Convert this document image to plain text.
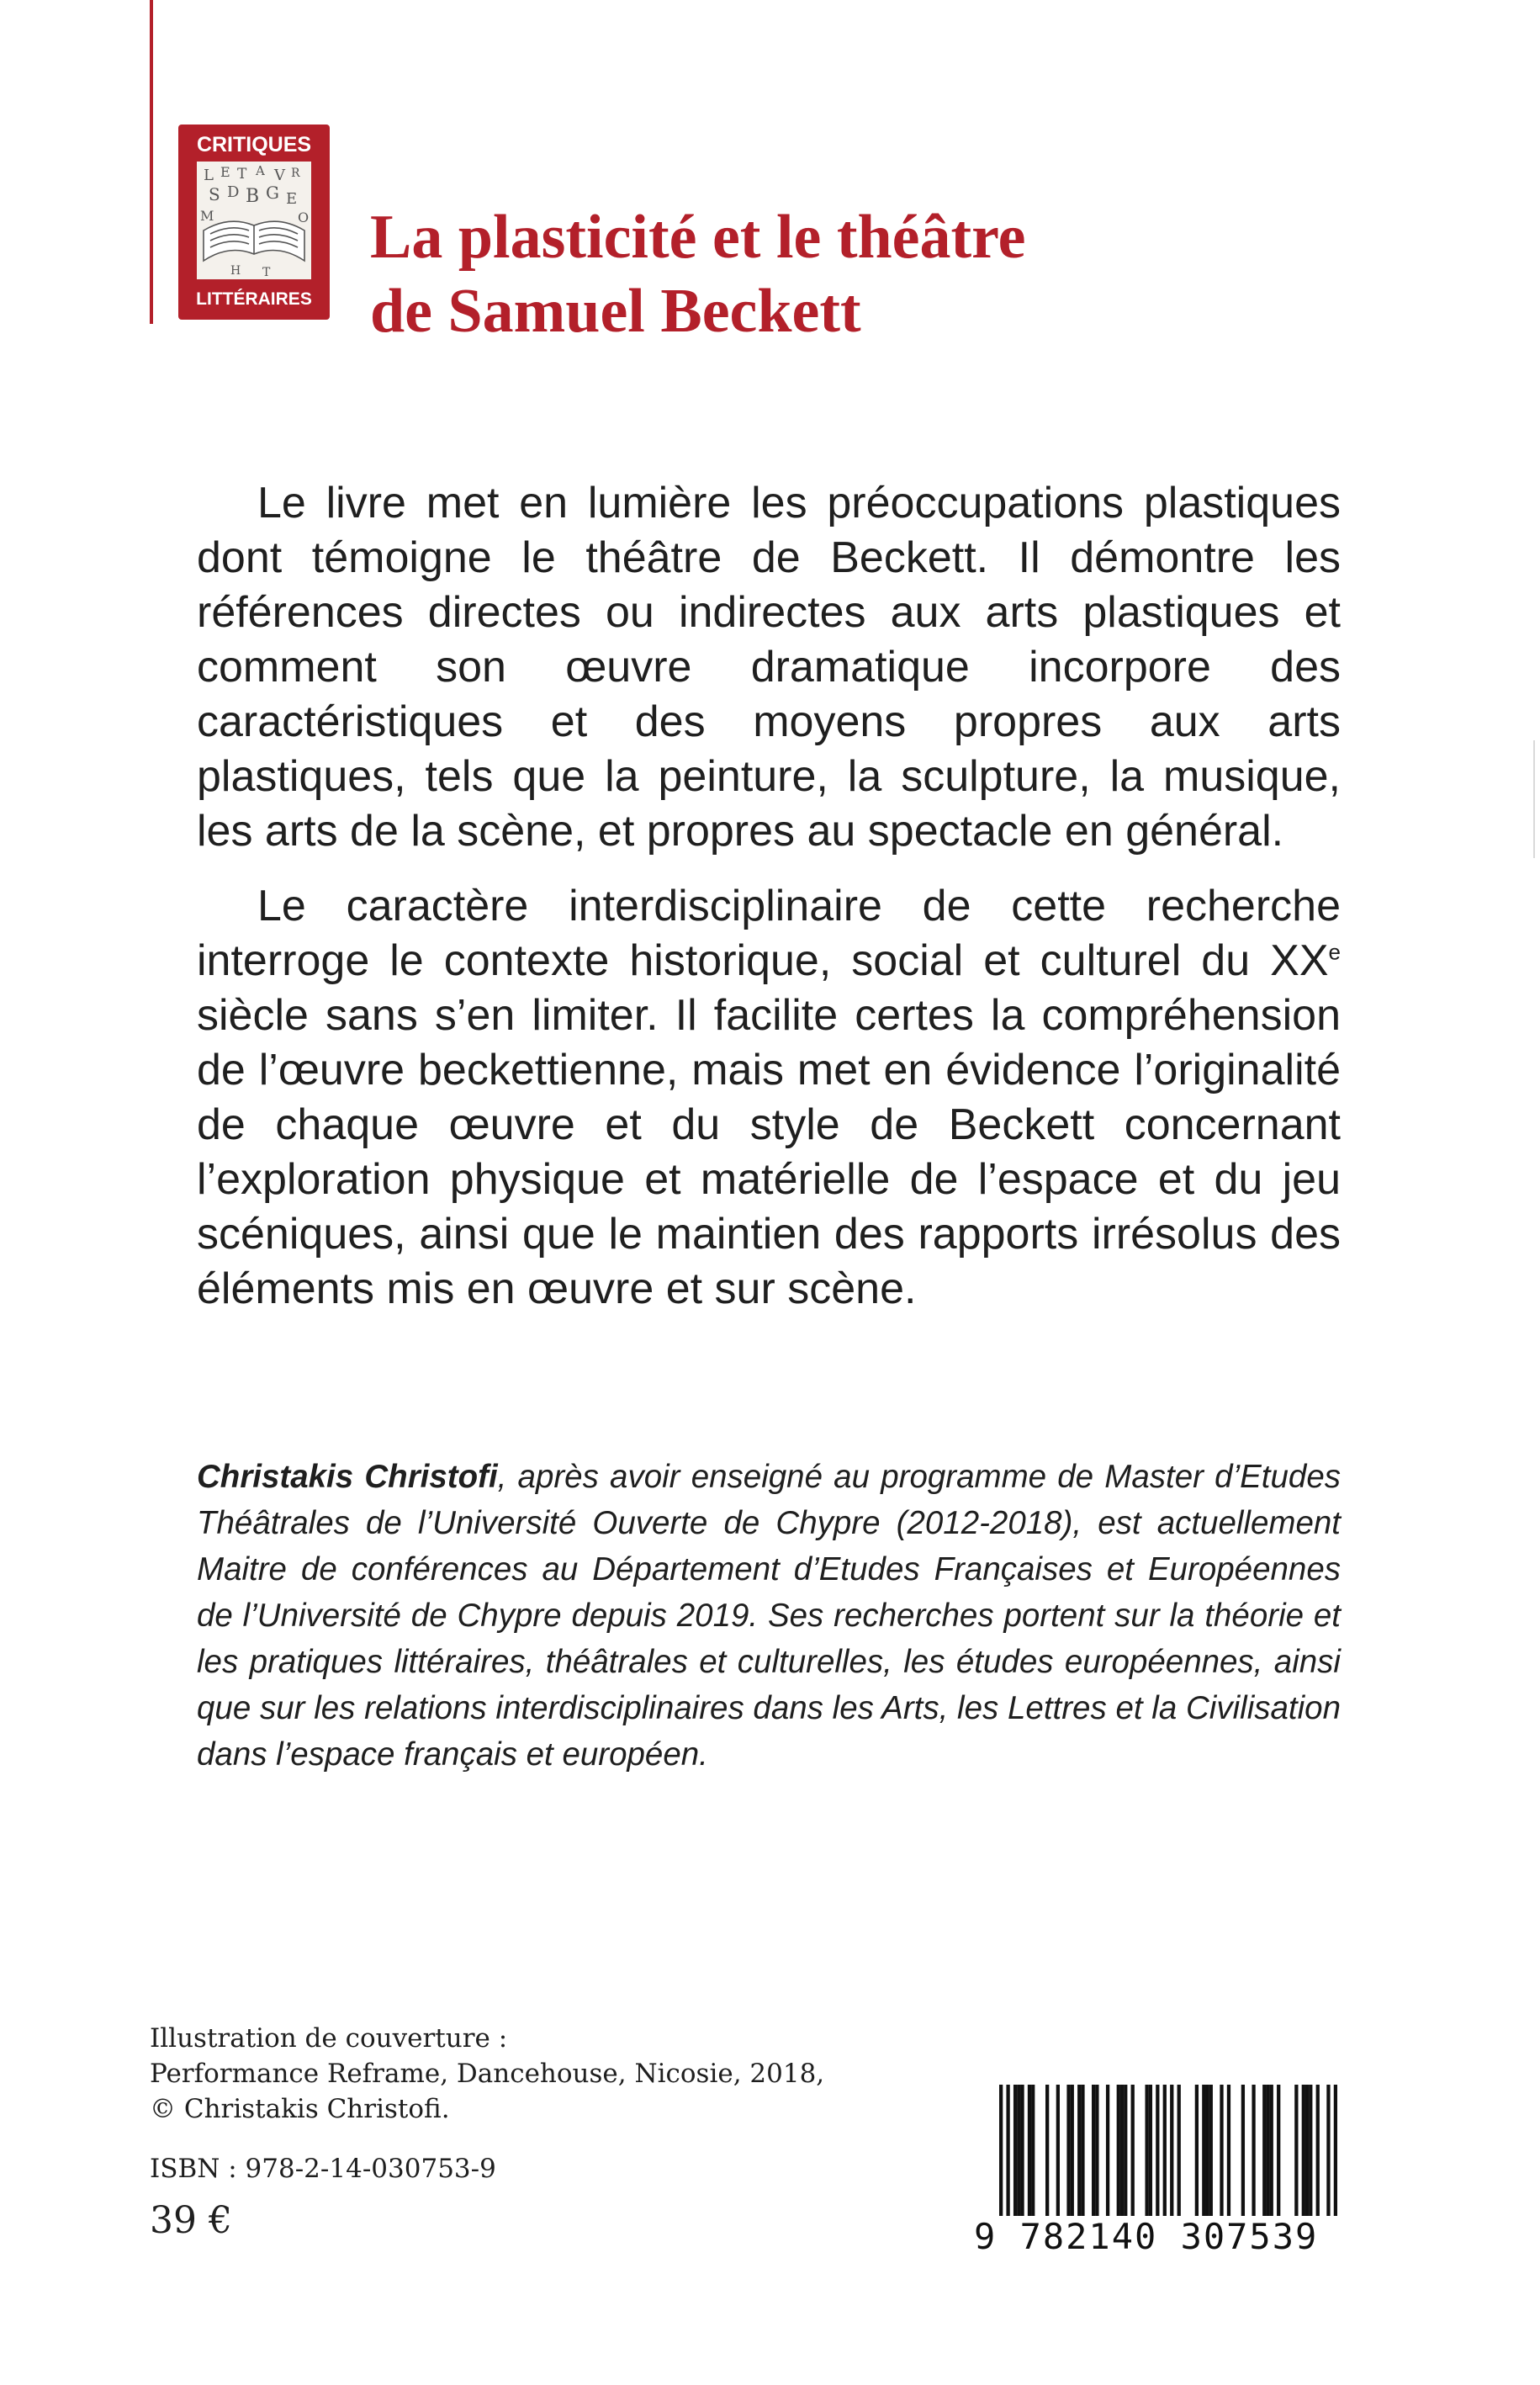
CRITIQUES
L E T A V R
S D B G E
M	O
H T
LITTÉRAIRES
La plasticité et le théâtre
de Samuel Beckett

Le livre met en lumière les préoccupations plastiques dont témoigne le théâtre de Beckett. Il démontre les références directes ou indirectes aux arts plastiques et comment son œuvre dramatique incorpore des caractéristiques et des moyens propres aux arts plastiques, tels que la peinture, la sculpture, la musique, les arts de la scène, et propres au spectacle en général.

Le caractère interdisciplinaire de cette recherche interroge le contexte historique, social et culturel du XXe siècle sans s’en limiter. Il facilite certes la compréhension de l’œuvre beckettienne, mais met en évidence l’originalité de chaque œuvre et du style de Beckett concernant l’exploration physique et matérielle de l’espace et du jeu scéniques, ainsi que le maintien des rapports irrésolus des éléments mis en œuvre et sur scène.

Christakis Christofi, après avoir enseigné au programme de Master d’Etudes Théâtrales de l’Université Ouverte de Chypre (2012-2018), est actuellement Maitre de conférences au Département d’Etudes Françaises et Européennes de l’Université de Chypre depuis 2019. Ses recherches portent sur la théorie et les pratiques littéraires, théâtrales et culturelles, les études européennes, ainsi que sur les relations interdisciplinaires dans les Arts, les Lettres et la Civilisation dans l’espace français et européen.

Illustration de couverture :
Performance Reframe, Dancehouse, Nicosie, 2018,
© Christakis Christofi.
ISBN : 978-2-14-030753-9
39 €	9 782140 307539
